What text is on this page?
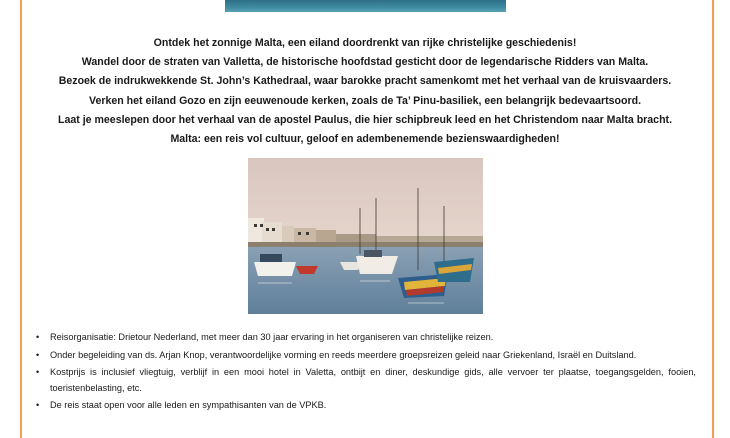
Ontdek het zonnige Malta, een eiland doordrenkt van rijke christelijke geschiedenis!

Wandel door de straten van Valletta, de historische hoofdstad gesticht door de legendarische Ridders van Malta.

Bezoek de indrukwekkende St. John’s Kathedraal, waar barokke pracht samenkomt met het verhaal van de kruisvaarders.

Verken het eiland Gozo en zijn eeuwenoude kerken, zoals de Ta’ Pinu-basiliek, een belangrijk bedevaartsoord.

Laat je meeslepen door het verhaal van de apostel Paulus, die hier schipbreuk leed en het Christendom naar Malta bracht.

Malta: een reis vol cultuur, geloof en adembenemende bezienswaardigheden!

• Reisorganisatie: Drietour Nederland, met meer dan 30 jaar ervaring in het organiseren van christelijke reizen.
• Onder begeleiding van ds. Arjan Knop, verantwoordelijke vorming en reeds meerdere groepsreizen geleid naar Griekenland, Israël en Duitsland.
• Kostprijs is inclusief vliegtuig, verblijf in een mooi hotel in Valetta, ontbijt en diner, deskundige gids, alle vervoer ter plaatse, toegangsgelden, fooien, toeristenbelasting, etc.
• De reis staat open voor alle leden en sympathisanten van de VPKB.
